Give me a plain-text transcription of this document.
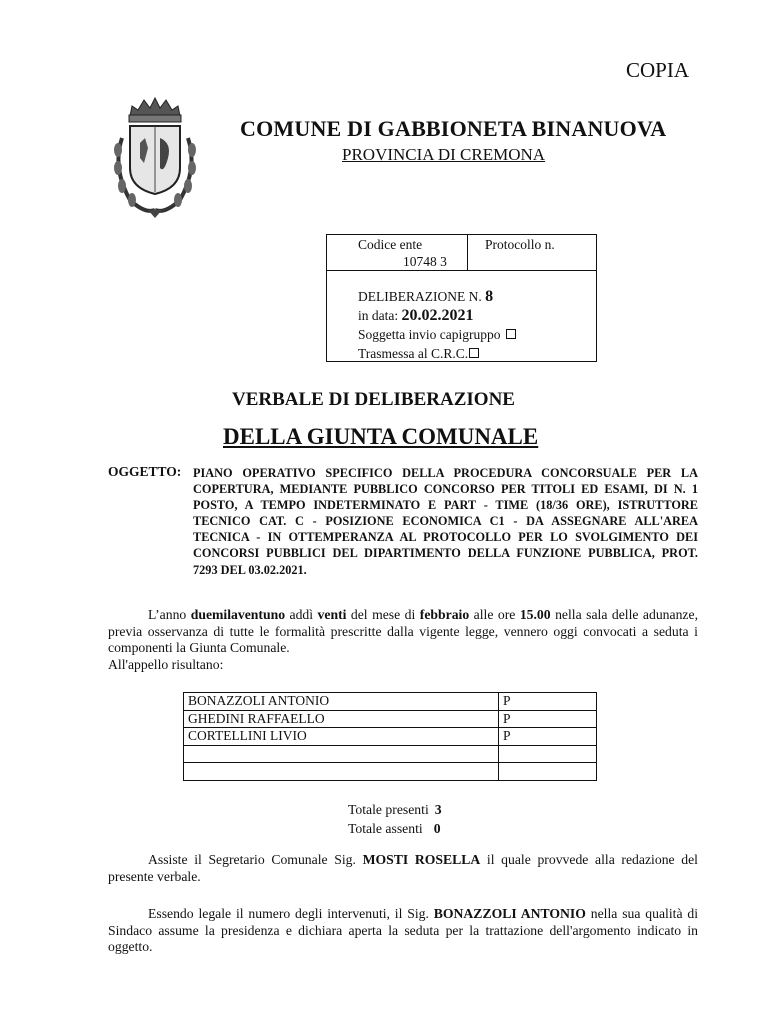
COPIA
COMUNE DI GABBIONETA BINANUOVA
PROVINCIA DI CREMONA
Codice ente
10748 3
Protocollo n.
DELIBERAZIONE N. 8
in data: 20.02.2021
Soggetta invio capigruppo
Trasmessa al C.R.C.
VERBALE DI DELIBERAZIONE
DELLA GIUNTA COMUNALE
OGGETTO: PIANO OPERATIVO SPECIFICO DELLA PROCEDURA CONCORSUALE PER LA COPERTURA, MEDIANTE PUBBLICO CONCORSO PER TITOLI ED ESAMI, DI N. 1 POSTO, A TEMPO INDETERMINATO E PART - TIME (18/36 ORE), ISTRUTTORE TECNICO CAT. C - POSIZIONE ECONOMICA C1 - DA ASSEGNARE ALL'AREA TECNICA - IN OTTEMPERANZA AL PROTOCOLLO PER LO SVOLGIMENTO DEI CONCORSI PUBBLICI DEL DIPARTIMENTO DELLA FUNZIONE PUBBLICA, PROT. 7293 DEL 03.02.2021.
L’anno duemilaventuno addì venti del mese di febbraio alle ore 15.00 nella sala delle adunanze, previa osservanza di tutte le formalità prescritte dalla vigente legge, vennero oggi convocati a seduta i componenti la Giunta Comunale.
All'appello risultano:
BONAZZOLI ANTONIO	P
GHEDINI RAFFAELLO	P
CORTELLINI LIVIO	P

Totale presenti 3
Totale assenti 0
Assiste il Segretario Comunale Sig. MOSTI ROSELLA il quale provvede alla redazione del presente verbale.
Essendo legale il numero degli intervenuti, il Sig. BONAZZOLI ANTONIO nella sua qualità di Sindaco assume la presidenza e dichiara aperta la seduta per la trattazione dell'argomento indicato in oggetto.
